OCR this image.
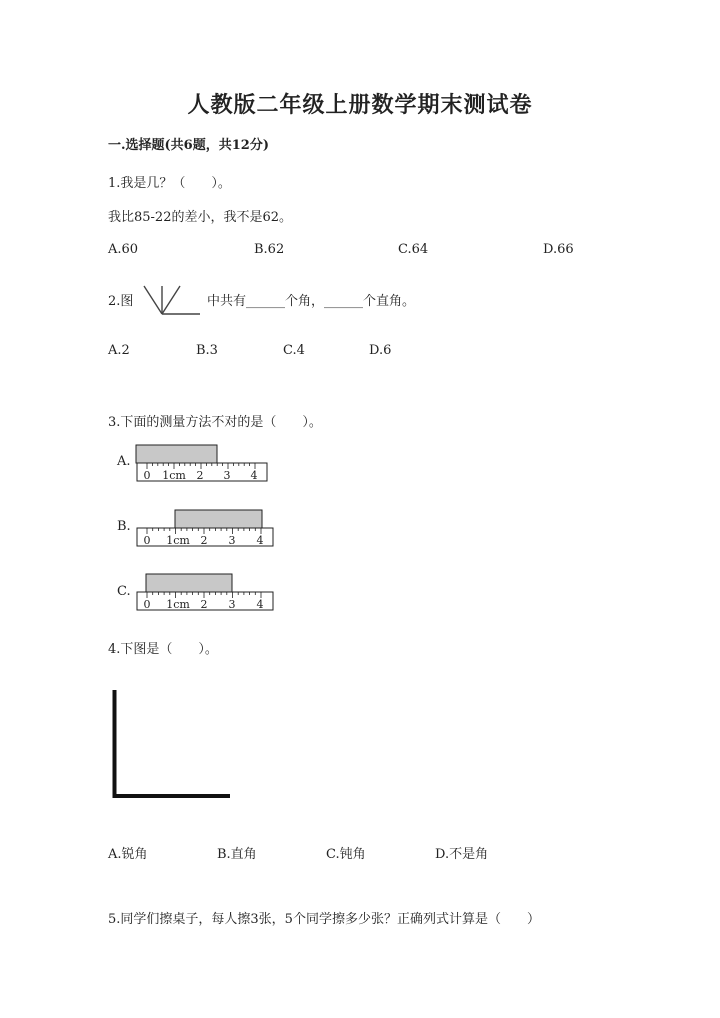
人教版二年级上册数学期末测试卷
一.选择题(共6题，共12分)
1.我是几？（　　）。
我比85-22的差小，我不是62。
A.60	B.62	C.64	D.66
2.图	中共有______个角，______个直角。
A.2	B.3	C.4	D.6
3.下面的测量方法不对的是（　　）。
A.
0 1cm 2 3 4
B.
0 1cm 2 3 4
C.
0 1cm 2 3 4
4.下图是（　　）。
A.锐角	B.直角	C.钝角	D.不是角
5.同学们擦桌子，每人擦3张，5个同学擦多少张？正确列式计算是（　　）
